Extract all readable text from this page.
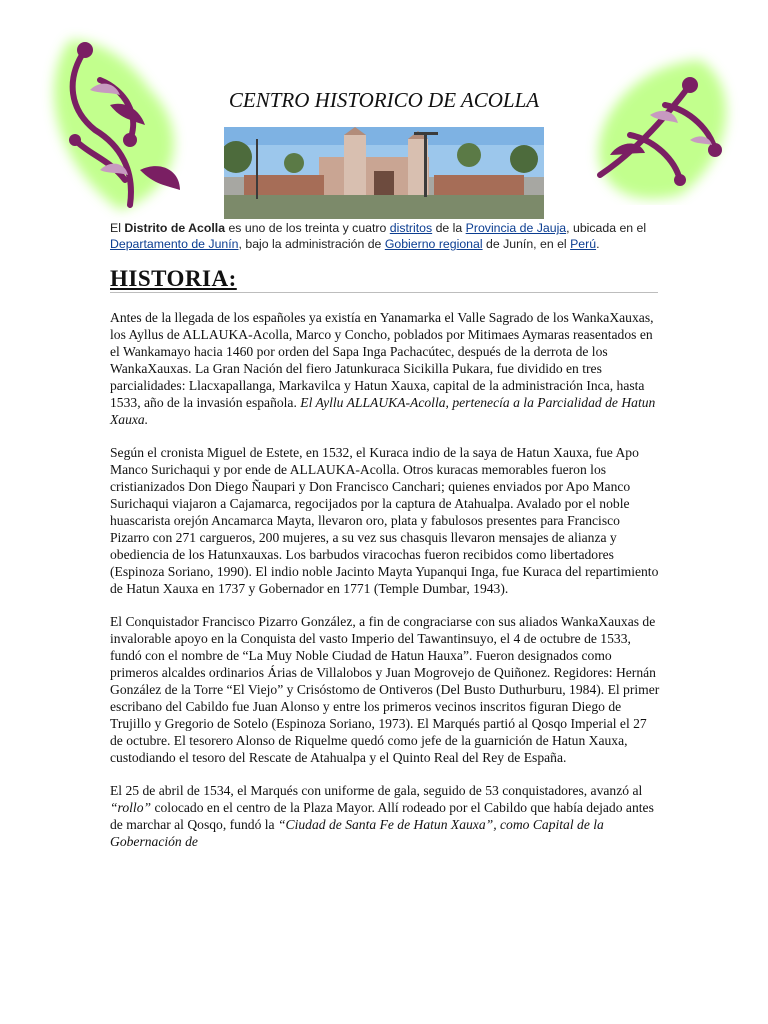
CENTRO HISTORICO DE ACOLLA
El Distrito de Acolla es uno de los treinta y cuatro distritos de la Provincia de Jauja, ubicada en el Departamento de Junín, bajo la administración de Gobierno regional de Junín, en el Perú.
HISTORIA:

Antes de la llegada de los españoles ya existía en Yanamarka el Valle Sagrado de los WankaXauxas, los Ayllus de ALLAUKA-Acolla, Marco y Concho, poblados por Mitimaes Aymaras reasentados en el Wankamayo hacia 1460 por orden del Sapa Inga Pachacútec, después de la derrota de los WankaXauxas. La Gran Nación del fiero Jatunkuraca Sicikilla Pukara, fue dividido en tres parcialidades: Llacxapallanga, Markavilca y Hatun Xauxa, capital de la administración Inca, hasta 1533, año de la invasión española. El Ayllu ALLAUKA-Acolla, pertenecía a la Parcialidad de Hatun Xauxa.

Según el cronista Miguel de Estete, en 1532, el Kuraca indio de la saya de Hatun Xauxa, fue Apo Manco Surichaqui y por ende de ALLAUKA-Acolla. Otros kuracas memorables fueron los cristianizados Don Diego Ñaupari y Don Francisco Canchari; quienes enviados por Apo Manco Surichaqui viajaron a Cajamarca, regocijados por la captura de Atahualpa. Avalado por el noble huascarista orejón Ancamarca Mayta, llevaron oro, plata y fabulosos presentes para Francisco Pizarro con 271 cargueros, 200 mujeres, a su vez sus chasquis llevaron mensajes de alianza y obediencia de los Hatunxauxas. Los barbudos viracochas fueron recibidos como libertadores (Espinoza Soriano, 1990). El indio noble Jacinto Mayta Yupanqui Inga, fue Kuraca del repartimiento de Hatun Xauxa en 1737 y Gobernador en 1771 (Temple Dumbar, 1943).

El Conquistador Francisco Pizarro González, a fin de congraciarse con sus aliados WankaXauxas de invalorable apoyo en la Conquista del vasto Imperio del Tawantinsuyo, el 4 de octubre de 1533, fundó con el nombre de “La Muy Noble Ciudad de Hatun Hauxa”. Fueron designados como primeros alcaldes ordinarios Árias de Villalobos y Juan Mogrovejo de Quiñonez. Regidores: Hernán González de la Torre “El Viejo” y Crisóstomo de Ontiveros (Del Busto Duthurburu, 1984). El primer escribano del Cabildo fue Juan Alonso y entre los primeros vecinos inscritos figuran Diego de Trujillo y Gregorio de Sotelo (Espinoza Soriano, 1973). El Marqués partió al Qosqo Imperial el 27 de octubre. El tesorero Alonso de Riquelme quedó como jefe de la guarnición de Hatun Xauxa, custodiando el tesoro del Rescate de Atahualpa y el Quinto Real del Rey de España.

El 25 de abril de 1534, el Marqués con uniforme de gala, seguido de 53 conquistadores, avanzó al “rollo” colocado en el centro de la Plaza Mayor. Allí rodeado por el Cabildo que había dejado antes de marchar al Qosqo, fundó la “Ciudad de Santa Fe de Hatun Xauxa”, como Capital de la Gobernación de
